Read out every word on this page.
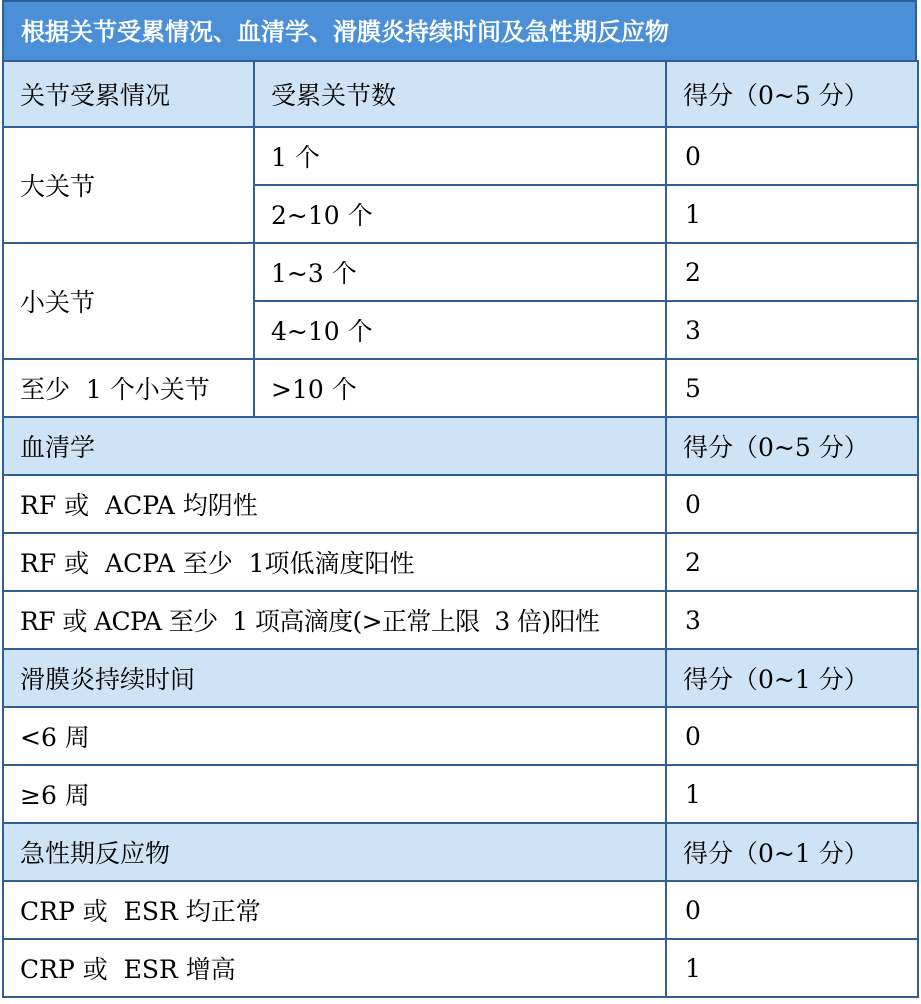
根据关节受累情况、血清学、滑膜炎持续时间及急性期反应物
关节受累情况	受累关节数	得分（0~5 分）
大关节	1 个	0
	2~10 个	1
小关节	1~3 个	2
	4~10 个	3
至少  1 个小关节	>10 个	5
血清学		得分（0~5 分）
RF 或  ACPA 均阴性		0
RF 或  ACPA 至少  1项低滴度阳性		2
RF 或 ACPA 至少  1 项高滴度(>正常上限  3 倍)阳性		3
滑膜炎持续时间		得分（0~1 分）
<6 周		0
≥6 周		1
急性期反应物		得分（0~1 分）
CRP 或  ESR 均正常		0
CRP 或  ESR 增高		1
